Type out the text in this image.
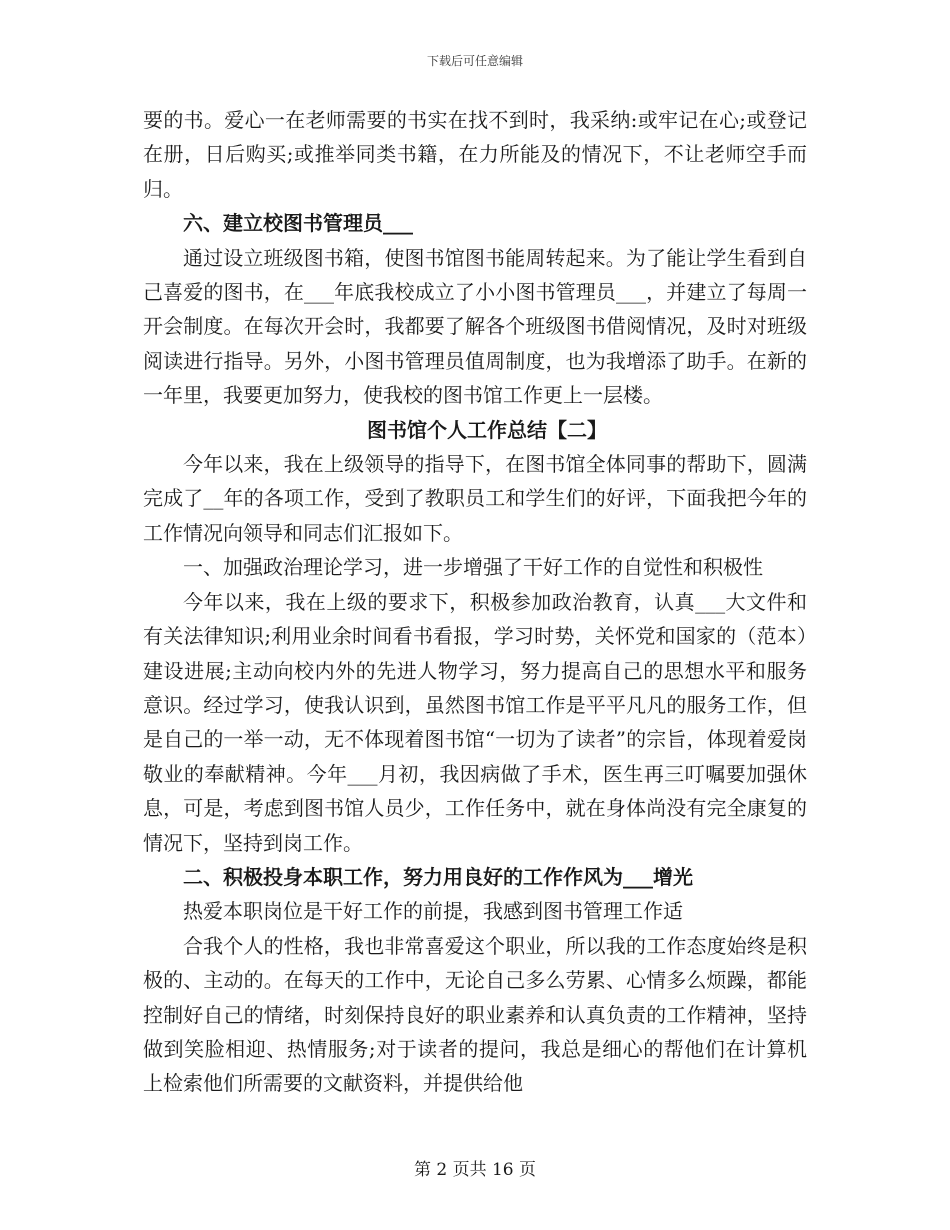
下载后可任意编辑

要的书。爱心一在老师需要的书实在找不到时，我采纳:或牢记在心;或登记在册，日后购买;或推举同类书籍，在力所能及的情况下，不让老师空手而归。

六、建立校图书管理员___

通过设立班级图书箱，使图书馆图书能周转起来。为了能让学生看到自己喜爱的图书，在___年底我校成立了小小图书管理员___，并建立了每周一开会制度。在每次开会时，我都要了解各个班级图书借阅情况，及时对班级阅读进行指导。另外，小图书管理员值周制度，也为我增添了助手。在新的一年里，我要更加努力，使我校的图书馆工作更上一层楼。

图书馆个人工作总结【二】

今年以来，我在上级领导的指导下，在图书馆全体同事的帮助下，圆满完成了__年的各项工作，受到了教职员工和学生们的好评，下面我把今年的工作情况向领导和同志们汇报如下。

一、加强政治理论学习，进一步增强了干好工作的自觉性和积极性

今年以来，我在上级的要求下，积极参加政治教育，认真___大文件和有关法律知识;利用业余时间看书看报，学习时势，关怀党和国家的（范本）建设进展;主动向校内外的先进人物学习，努力提高自己的思想水平和服务意识。经过学习，使我认识到，虽然图书馆工作是平平凡凡的服务工作，但是自己的一举一动，无不体现着图书馆“一切为了读者”的宗旨，体现着爱岗敬业的奉献精神。今年___月初，我因病做了手术，医生再三叮嘱要加强休息，可是，考虑到图书馆人员少，工作任务中，就在身体尚没有完全康复的情况下，坚持到岗工作。

二、积极投身本职工作，努力用良好的工作作风为___增光

热爱本职岗位是干好工作的前提，我感到图书管理工作适

合我个人的性格，我也非常喜爱这个职业，所以我的工作态度始终是积极的、主动的。在每天的工作中，无论自己多么劳累、心情多么烦躁，都能控制好自己的情绪，时刻保持良好的职业素养和认真负责的工作精神，坚持做到笑脸相迎、热情服务;对于读者的提问，我总是细心的帮他们在计算机上检索他们所需要的文献资料，并提供给他

第 2 页共 16 页
